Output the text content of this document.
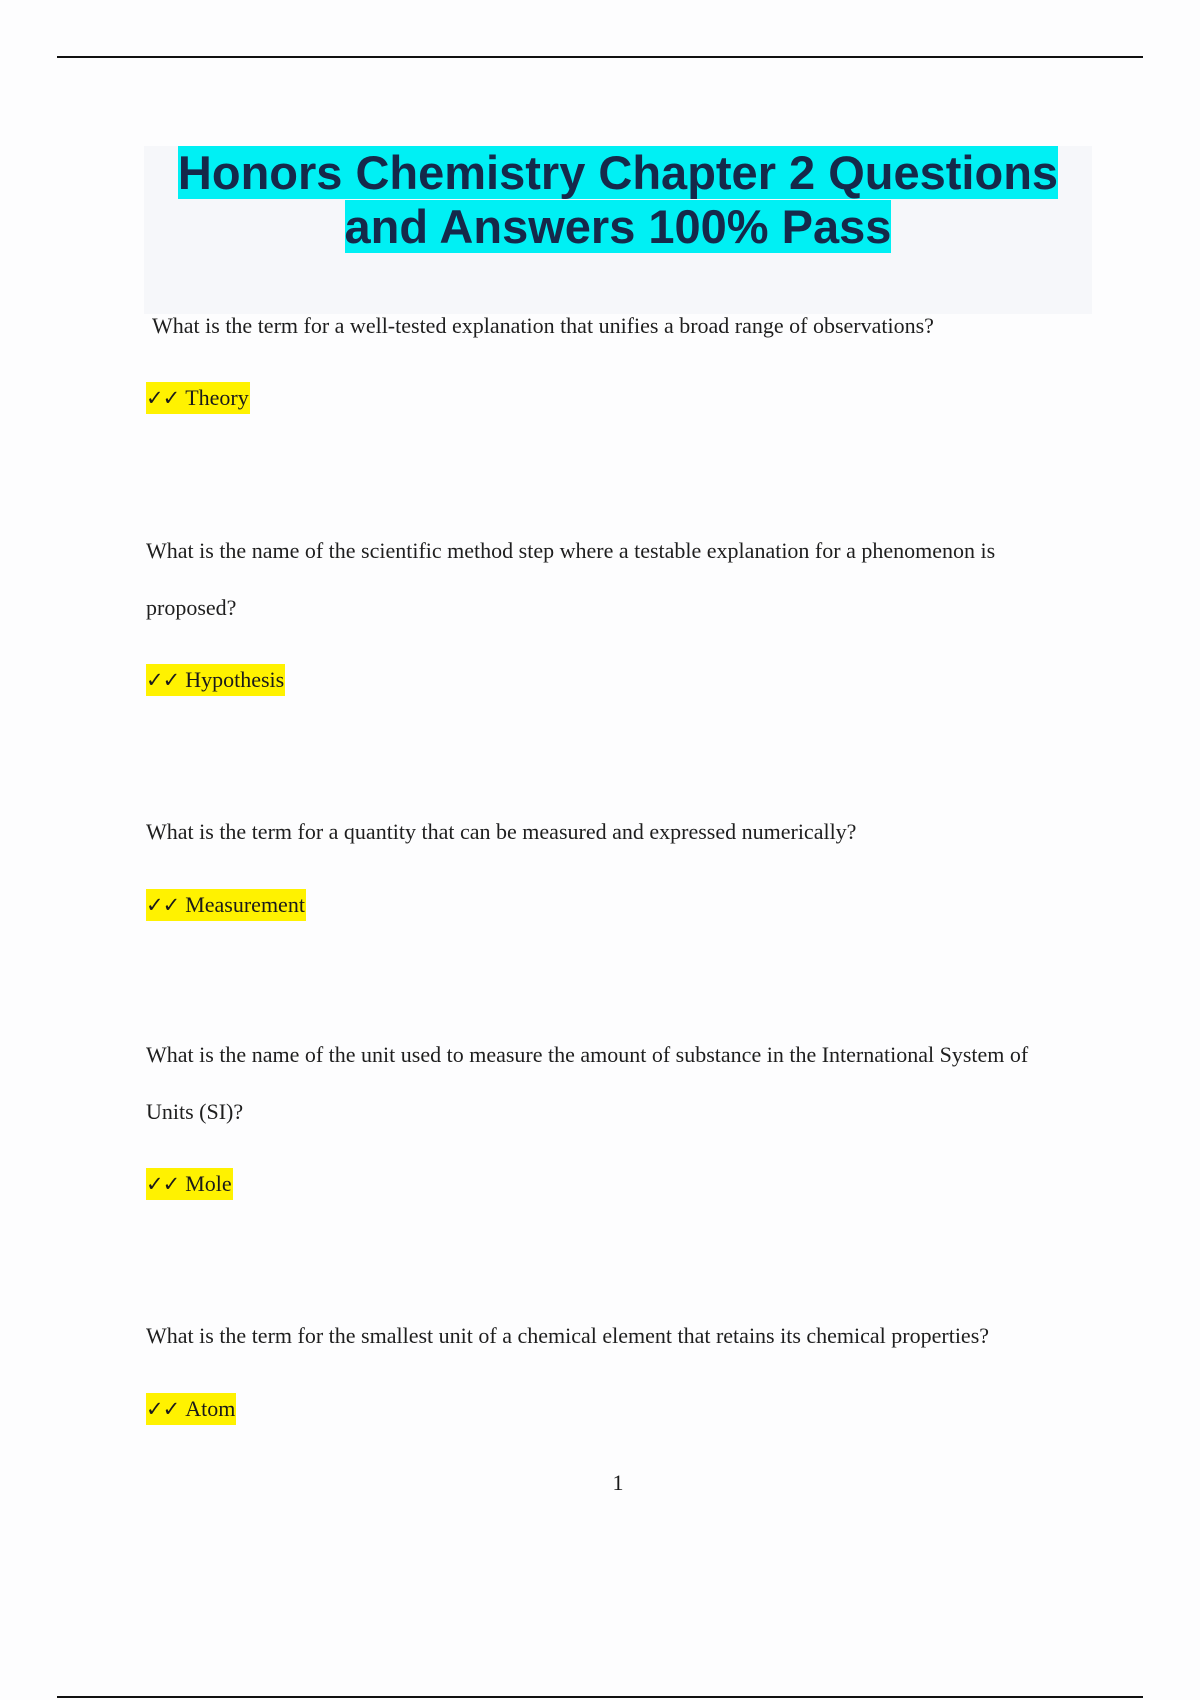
Honors Chemistry Chapter 2 Questions
and Answers 100% Pass

What is the term for a well-tested explanation that unifies a broad range of observations?

✓✓ Theory

What is the name of the scientific method step where a testable explanation for a phenomenon is proposed?

✓✓ Hypothesis

What is the term for a quantity that can be measured and expressed numerically?

✓✓ Measurement

What is the name of the unit used to measure the amount of substance in the International System of Units (SI)?

✓✓ Mole

What is the term for the smallest unit of a chemical element that retains its chemical properties?

✓✓ Atom
1
